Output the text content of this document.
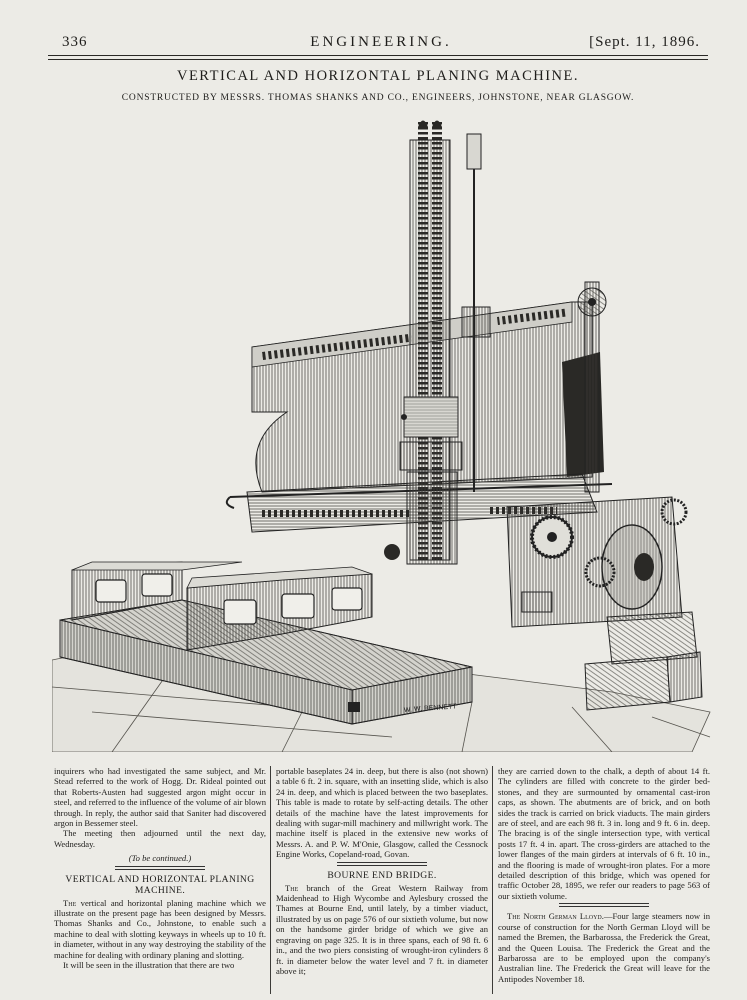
336	ENGINEERING.	[Sept. 11, 1896.
VERTICAL AND HORIZONTAL PLANING MACHINE.
CONSTRUCTED BY MESSRS. THOMAS SHANKS AND CO., ENGINEERS, JOHNSTONE, NEAR GLASGOW.
W. W. BENNETT

inquirers who had investigated the same subject, and Mr. Stead referred to the work of Hogg. Dr. Rideal pointed out that Roberts-Austen had suggested argon might occur in steel, and referred to the influence of the volume of air blown through. In reply, the author said that Saniter had discovered argon in Bessemer steel.

The meeting then adjourned until the next day, Wednesday.

(To be continued.)
VERTICAL AND HORIZONTAL PLANING MACHINE.

The vertical and horizontal planing machine which we illustrate on the present page has been designed by Messrs. Thomas Shanks and Co., Johnstone, to enable such a machine to deal with slotting keyways in wheels up to 10 ft. in diameter, without in any way destroying the stability of the machine for dealing with ordinary planing and slotting.

It will be seen in the illustration that there are two

portable baseplates 24 in. deep, but there is also (not shown) a table 6 ft. 2 in. square, with an insetting slide, which is also 24 in. deep, and which is placed between the two baseplates. This table is made to rotate by self-acting details. The other details of the machine have the latest improvements for dealing with sugar-mill machinery and millwright work. The machine itself is placed in the extensive new works of Messrs. A. and P. W. M'Onie, Glasgow, called the Cessnock Engine Works, Copeland-road, Govan.

BOURNE END BRIDGE.

The branch of the Great Western Railway from Maidenhead to High Wycombe and Aylesbury crossed the Thames at Bourne End, until lately, by a timber viaduct, illustrated by us on page 576 of our sixtieth volume, but now on the handsome girder bridge of which we give an engraving on page 325. It is in three spans, each of 98 ft. 6 in., and the two piers consisting of wrought-iron cylinders 8 ft. in diameter below the water level and 7 ft. in diameter above it;

they are carried down to the chalk, a depth of about 14 ft. The cylinders are filled with concrete to the girder bed-stones, and they are surmounted by ornamental cast-iron caps, as shown. The abutments are of brick, and on both sides the track is carried on brick viaducts. The main girders are of steel, and are each 98 ft. 3 in. long and 9 ft. 6 in. deep. The bracing is of the single intersection type, with vertical posts 17 ft. 4 in. apart. The cross-girders are attached to the lower flanges of the main girders at intervals of 6 ft. 10 in., and the flooring is made of wrought-iron plates. For a more detailed description of this bridge, which was opened for traffic October 28, 1895, we refer our readers to page 563 of our sixtieth volume.

The North German Lloyd.—Four large steamers now in course of construction for the North German Lloyd will be named the Bremen, the Barbarossa, the Frederick the Great, and the Queen Louisa. The Frederick the Great and the Barbarossa are to be employed upon the company's Australian line. The Frederick the Great will leave for the Antipodes November 18.
